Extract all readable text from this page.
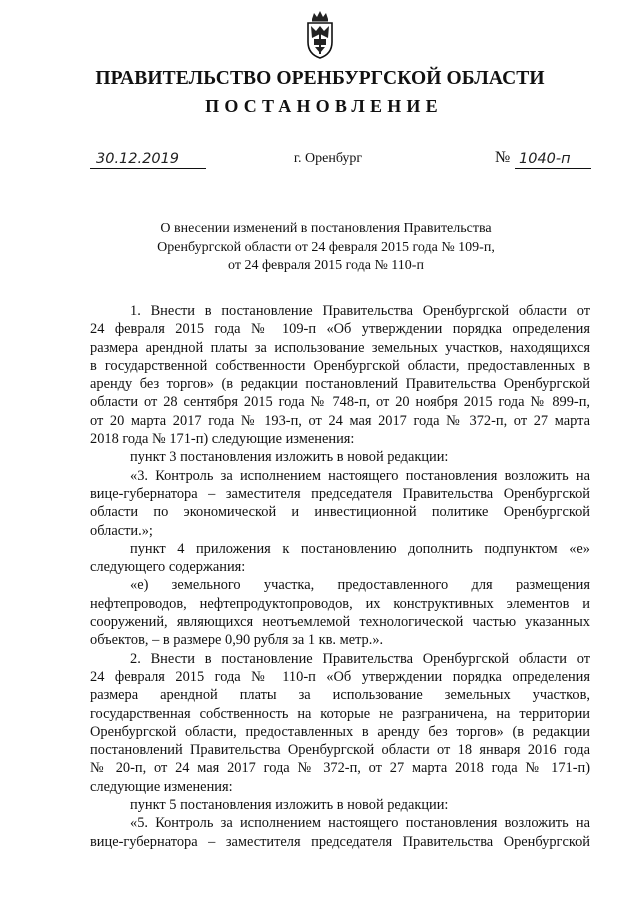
ПРАВИТЕЛЬСТВО ОРЕНБУРГСКОЙ ОБЛАСТИ
ПОСТАНОВЛЕНИЕ
30.12.2019	г. Оренбург	№ 1040-п
О внесении изменений в постановления Правительства
Оренбургской области от 24 февраля 2015 года № 109-п,
от 24 февраля 2015 года № 110-п
1. Внести в постановление Правительства Оренбургской области от
24 февраля 2015 года № 109-п «Об утверждении порядка определения
размера арендной платы за использование земельных участков, находящихся
в государственной собственности Оренбургской области, предоставленных в
аренду без торгов» (в редакции постановлений Правительства Оренбургской
области от 28 сентября 2015 года № 748-п, от 20 ноября 2015 года № 899-п,
от 20 марта 2017 года № 193-п, от 24 мая 2017 года № 372-п, от 27 марта
2018 года № 171-п) следующие изменения:
пункт 3 постановления изложить в новой редакции:
«3. Контроль за исполнением настоящего постановления возложить на
вице-губернатора – заместителя председателя Правительства Оренбургской
области по экономической и инвестиционной политике Оренбургской
области.»;
пункт 4 приложения к постановлению дополнить подпунктом «е»
следующего содержания:
«е) земельного участка, предоставленного для размещения
нефтепроводов, нефтепродуктопроводов, их конструктивных элементов и
сооружений, являющихся неотъемлемой технологической частью указанных
объектов, – в размере 0,90 рубля за 1 кв. метр.».
2. Внести в постановление Правительства Оренбургской области от
24 февраля 2015 года № 110-п «Об утверждении порядка определения
размера арендной платы за использование земельных участков,
государственная собственность на которые не разграничена, на территории
Оренбургской области, предоставленных в аренду без торгов» (в редакции
постановлений Правительства Оренбургской области от 18 января 2016 года
№ 20-п, от 24 мая 2017 года № 372-п, от 27 марта 2018 года № 171-п)
следующие изменения:
пункт 5 постановления изложить в новой редакции:
«5. Контроль за исполнением настоящего постановления возложить на
вице-губернатора – заместителя председателя Правительства Оренбургской
